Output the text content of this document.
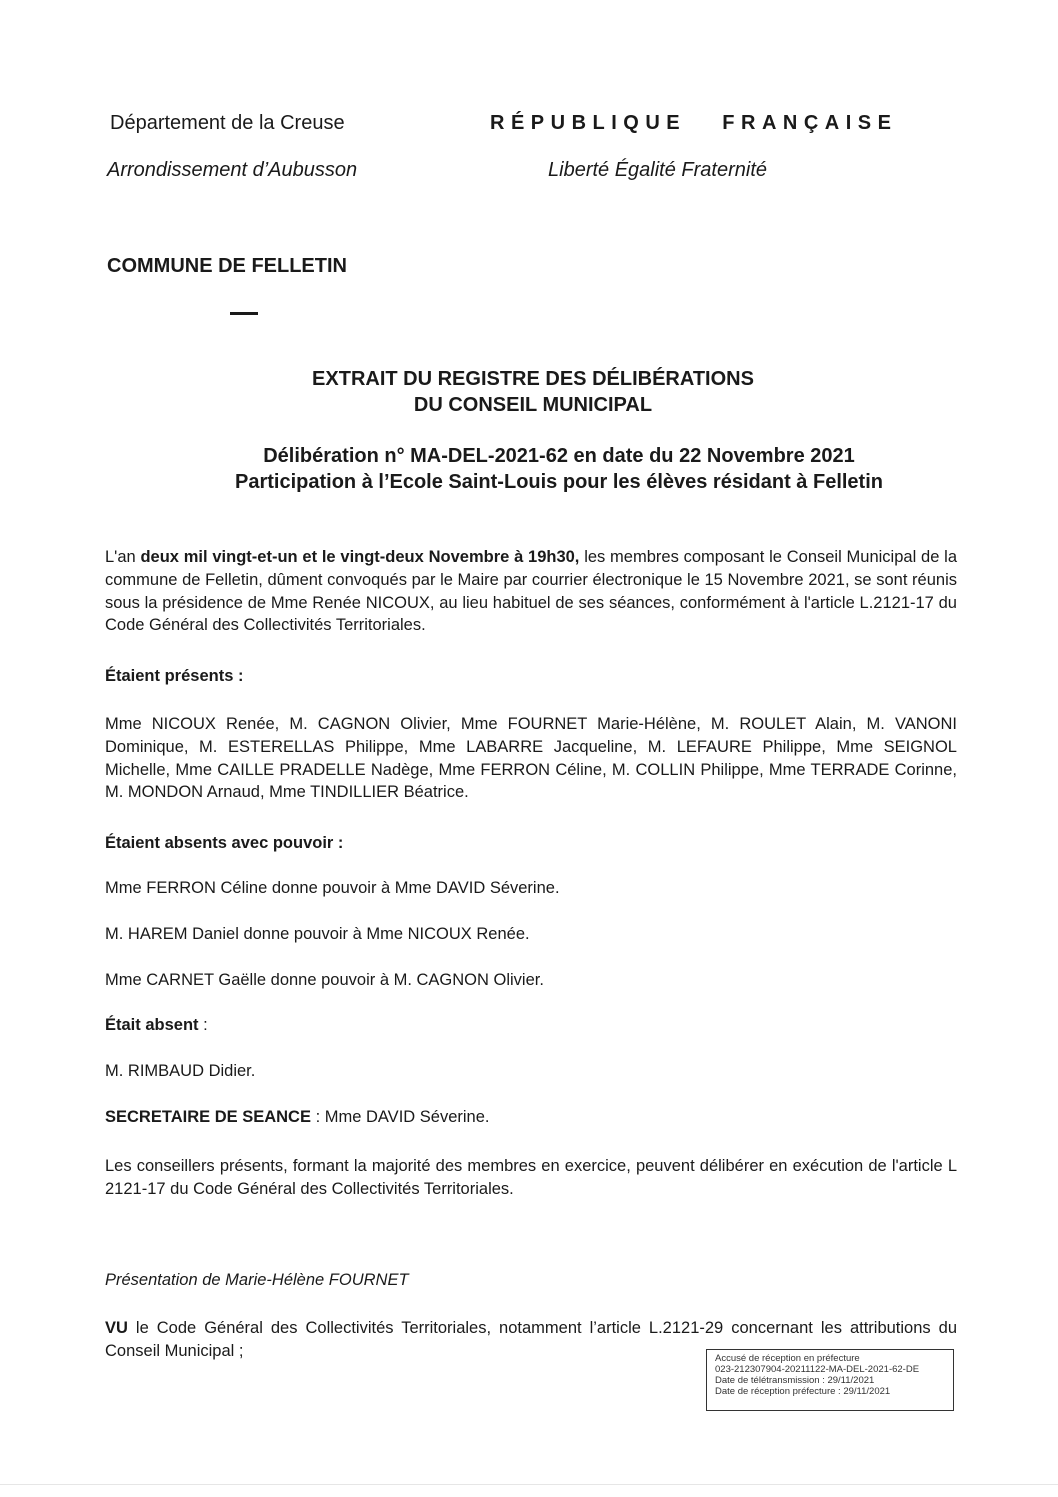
Département de la Creuse
Arrondissement d’Aubusson
RÉPUBLIQUE   FRANÇAISE
Liberté Égalité Fraternité
COMMUNE DE FELLETIN
EXTRAIT DU REGISTRE DES DÉLIBÉRATIONS
DU CONSEIL MUNICIPAL
Délibération n° MA-DEL-2021-62 en date du 22 Novembre 2021
Participation à l’Ecole Saint-Louis pour les élèves résidant à Felletin
L'an deux mil vingt-et-un et le vingt-deux Novembre à 19h30, les membres composant le Conseil Municipal de la commune de Felletin, dûment convoqués par le Maire par courrier électronique le 15 Novembre 2021, se sont réunis sous la présidence de Mme Renée NICOUX, au lieu habituel de ses séances, conformément à l'article L.2121-17 du Code Général des Collectivités Territoriales.
Étaient présents :
Mme NICOUX Renée, M. CAGNON Olivier, Mme FOURNET Marie-Hélène, M. ROULET Alain, M. VANONI Dominique, M. ESTERELLAS Philippe, Mme LABARRE Jacqueline, M. LEFAURE Philippe, Mme SEIGNOL Michelle, Mme CAILLE PRADELLE Nadège, Mme FERRON Céline, M. COLLIN Philippe, Mme TERRADE Corinne, M. MONDON Arnaud, Mme TINDILLIER Béatrice.
Étaient absents avec pouvoir :
Mme FERRON Céline donne pouvoir à Mme DAVID Séverine.
M. HAREM Daniel donne pouvoir à Mme NICOUX Renée.
Mme CARNET Gaëlle donne pouvoir à M. CAGNON Olivier.
Était absent :
M. RIMBAUD Didier.
SECRETAIRE DE SEANCE : Mme DAVID Séverine.
Les conseillers présents, formant la majorité des membres en exercice, peuvent délibérer en exécution de l'article L 2121-17 du Code Général des Collectivités Territoriales.
Présentation de Marie-Hélène FOURNET
VU le Code Général des Collectivités Territoriales, notamment l’article L.2121-29 concernant les attributions du Conseil Municipal ;	Accusé de réception en préfecture
023-212307904-20211122-MA-DEL-2021-62-DE
Date de télétransmission : 29/11/2021
Date de réception préfecture : 29/11/2021
